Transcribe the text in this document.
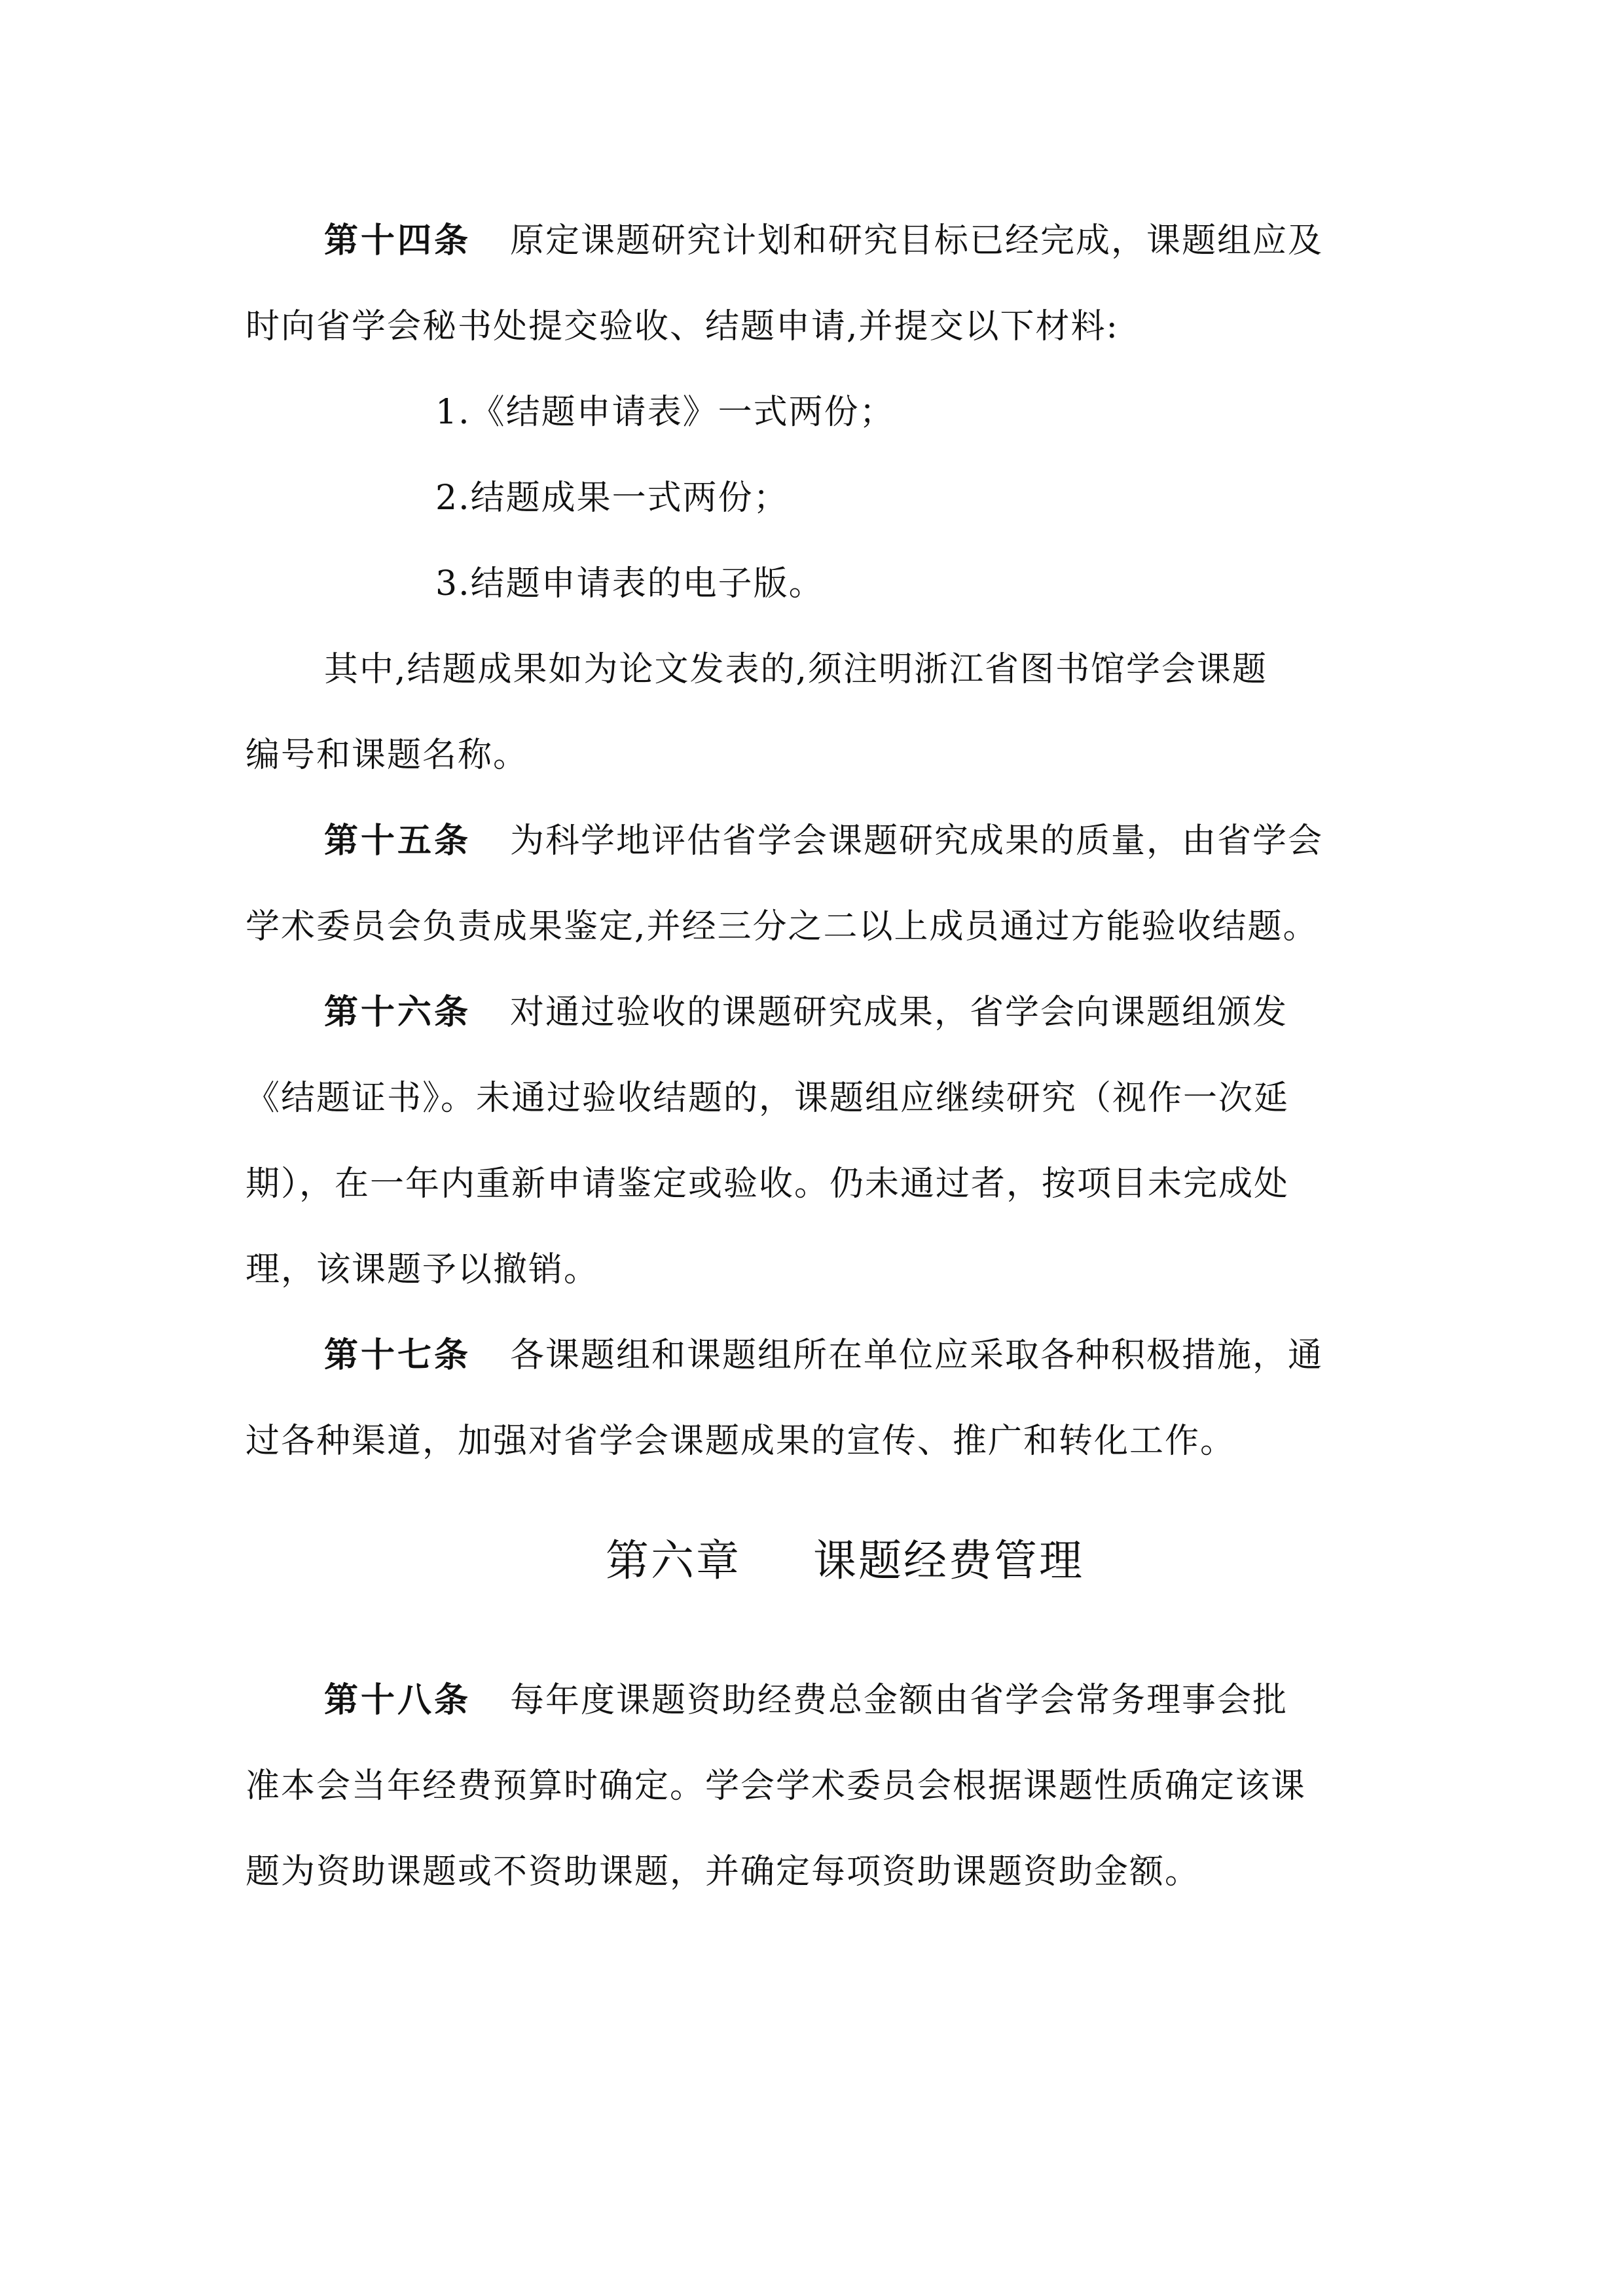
第十四条 原定课题研究计划和研究目标已经完成，课题组应及
时向省学会秘书处提交验收、结题申请,并提交以下材料:
1.《结题申请表》一式两份；
2.结题成果一式两份；
3.结题申请表的电子版。
其中,结题成果如为论文发表的,须注明浙江省图书馆学会课题
编号和课题名称。
第十五条 为科学地评估省学会课题研究成果的质量，由省学会
学术委员会负责成果鉴定,并经三分之二以上成员通过方能验收结题。
第十六条 对通过验收的课题研究成果，省学会向课题组颁发
《结题证书》。未通过验收结题的，课题组应继续研究（视作一次延
期），在一年内重新申请鉴定或验收。仍未通过者，按项目未完成处
理，该课题予以撤销。
第十七条 各课题组和课题组所在单位应采取各种积极措施，通
过各种渠道，加强对省学会课题成果的宣传、推广和转化工作。
第六章 课题经费管理
第十八条 每年度课题资助经费总金额由省学会常务理事会批
准本会当年经费预算时确定。学会学术委员会根据课题性质确定该课
题为资助课题或不资助课题，并确定每项资助课题资助金额。
